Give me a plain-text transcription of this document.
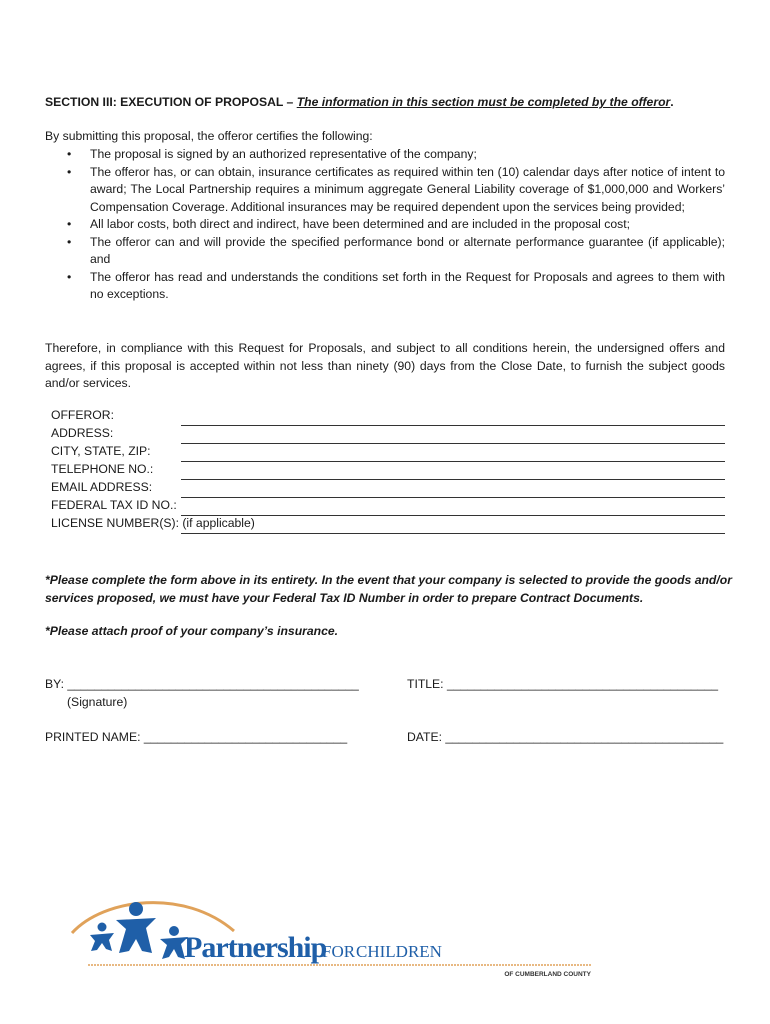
SECTION III: EXECUTION OF PROPOSAL – The information in this section must be completed by the offeror.
By submitting this proposal, the offeror certifies the following:
• The proposal is signed by an authorized representative of the company;
• The offeror has, or can obtain, insurance certificates as required within ten (10) calendar days after notice of intent to award; The Local Partnership requires a minimum aggregate General Liability coverage of $1,000,000 and Workers’ Compensation Coverage. Additional insurances may be required dependent upon the services being provided;
• All labor costs, both direct and indirect, have been determined and are included in the proposal cost;
• The offeror can and will provide the specified performance bond or alternate performance guarantee (if applicable); and
• The offeror has read and understands the conditions set forth in the Request for Proposals and agrees to them with no exceptions.
Therefore, in compliance with this Request for Proposals, and subject to all conditions herein, the undersigned offers and agrees, if this proposal is accepted within not less than ninety (90) days from the Close Date, to furnish the subject goods and/or services.
OFFEROR:
ADDRESS:
CITY, STATE, ZIP:
TELEPHONE NO.:
EMAIL ADDRESS:
FEDERAL TAX ID NO.:
LICENSE NUMBER(S): (if applicable)
*Please complete the form above in its entirety. In the event that your company is selected to provide the goods and/or services proposed, we must have your Federal Tax ID Number in order to prepare Contract Documents.
*Please attach proof of your company’s insurance.
BY: ___________________________________________
(Signature)
TITLE: ________________________________________
PRINTED NAME: ______________________________	DATE: _________________________________________
Partnership
FOR CHILDREN
OF CUMBERLAND COUNTY
